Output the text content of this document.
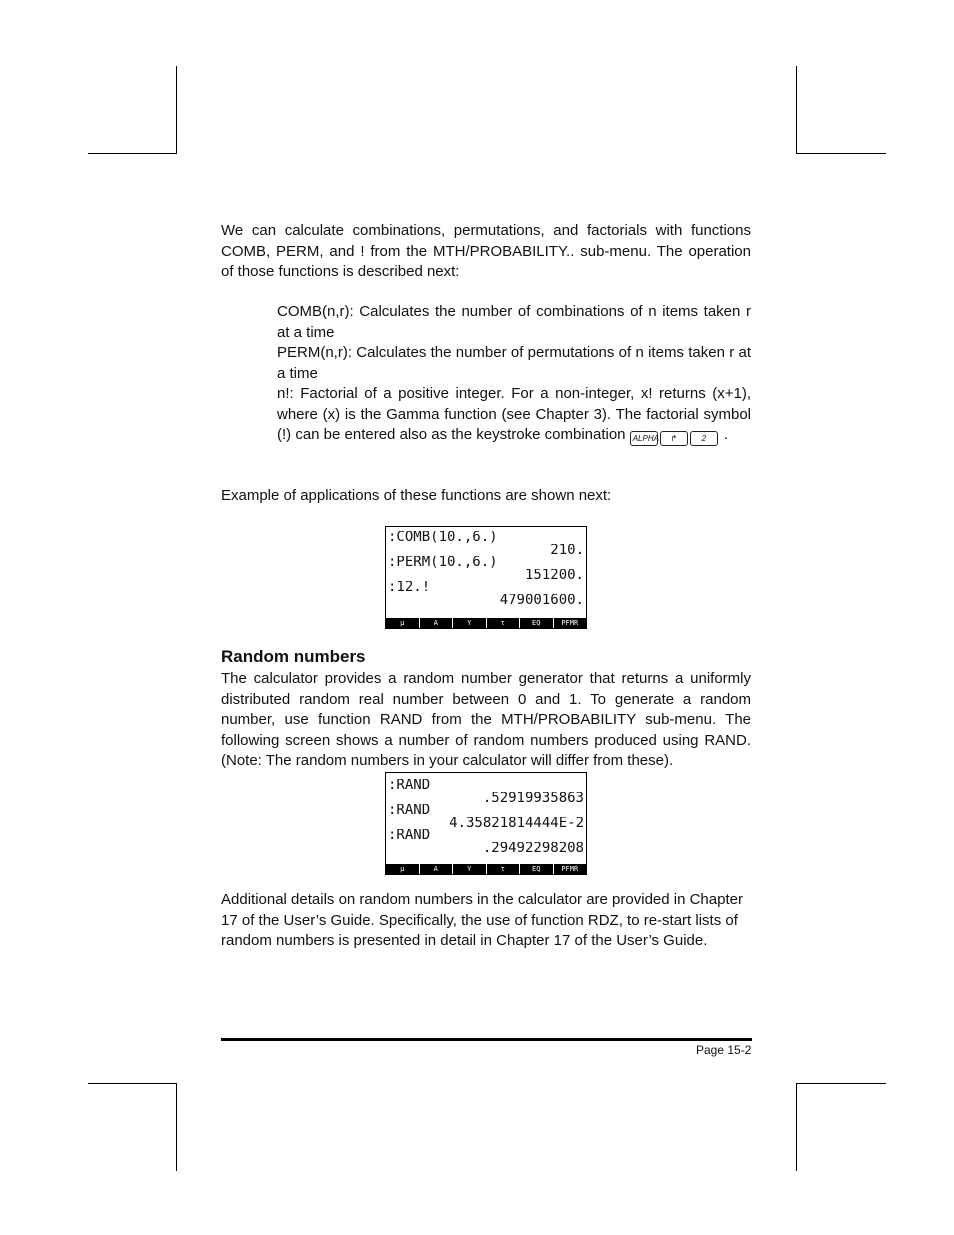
We can calculate combinations, permutations, and factorials with functions COMB, PERM, and ! from the MTH/PROBABILITY.. sub-menu. The operation of those functions is described next:

COMB(n,r): Calculates the number of combinations of n items taken r at a time

PERM(n,r): Calculates the number of permutations of n items taken r at a time

n!: Factorial of a positive integer. For a non-integer, x! returns (x+1), where (x) is the Gamma function (see Chapter 3). The factorial symbol (!) can be entered also as the keystroke combination ALPHA ↱	2 .

Example of applications of these functions are shown next:

:COMB(10.,6.)
210.
:PERM(10.,6.)
151200.
:12.!
479001600.
μ	Α	Υ	τ	EQ	PFMR
Random numbers

The calculator provides a random number generator that returns a uniformly distributed random real number between 0 and 1. To generate a random number, use function RAND from the MTH/PROBABILITY sub-menu. The following screen shows a number of random numbers produced using RAND. (Note: The random numbers in your calculator will differ from these).

:RAND
.52919935863
:RAND
4.35821814444E-2
:RAND
.29492298208
μ	Α	Υ	τ	EQ	PFMR

Additional details on random numbers in the calculator are provided in Chapter 17 of the User’s Guide. Specifically, the use of function RDZ, to re-start lists of random numbers is presented in detail in Chapter 17 of the User’s Guide.

Page 15-2
